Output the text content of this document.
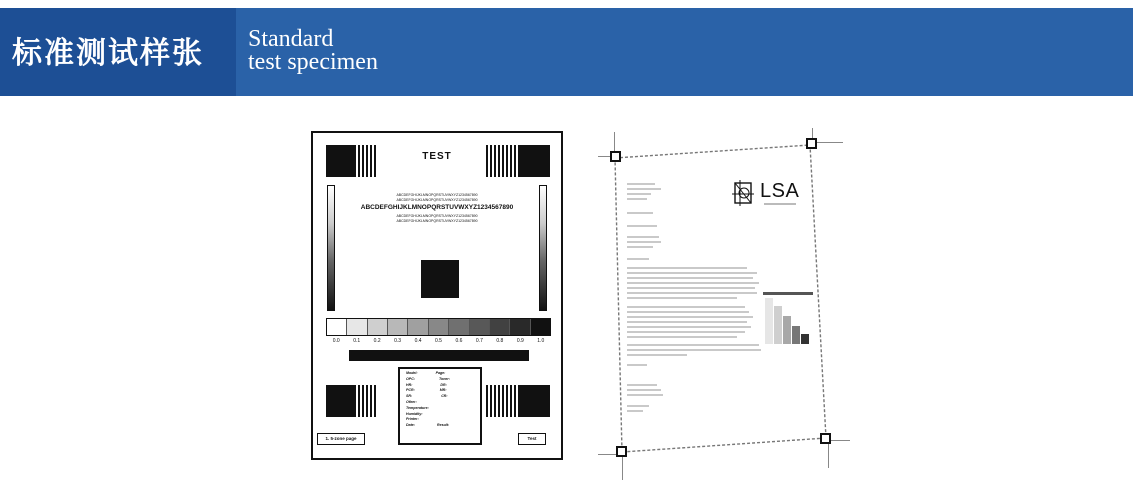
标准测试样张 Standard
test specimen
TEST
ABCDEFGHIJKLMNOPQRSTUVWXYZ1234567890
ABCDEFGHIJKLMNOPQRSTUVWXYZ1234567890
ABCDEFGHIJKLMNOPQRSTUVWXYZ1234567890
ABCDEFGHIJKLMNOPQRSTUVWXYZ1234567890
ABCDEFGHIJKLMNOPQRSTUVWXYZ1234567890
0.0	0.1	0.2	0.3	0.4	0.5	0.6	0.7	0.8	0.9	1.0
Model:	Page:
OPC:	Toner:
HR:	DR:
PCR:	MR:
SR:	CR:
Other:
Temperature:
Humidity:
Printer:
Date:	Result:
1. 5-zone page	Test
LSA
